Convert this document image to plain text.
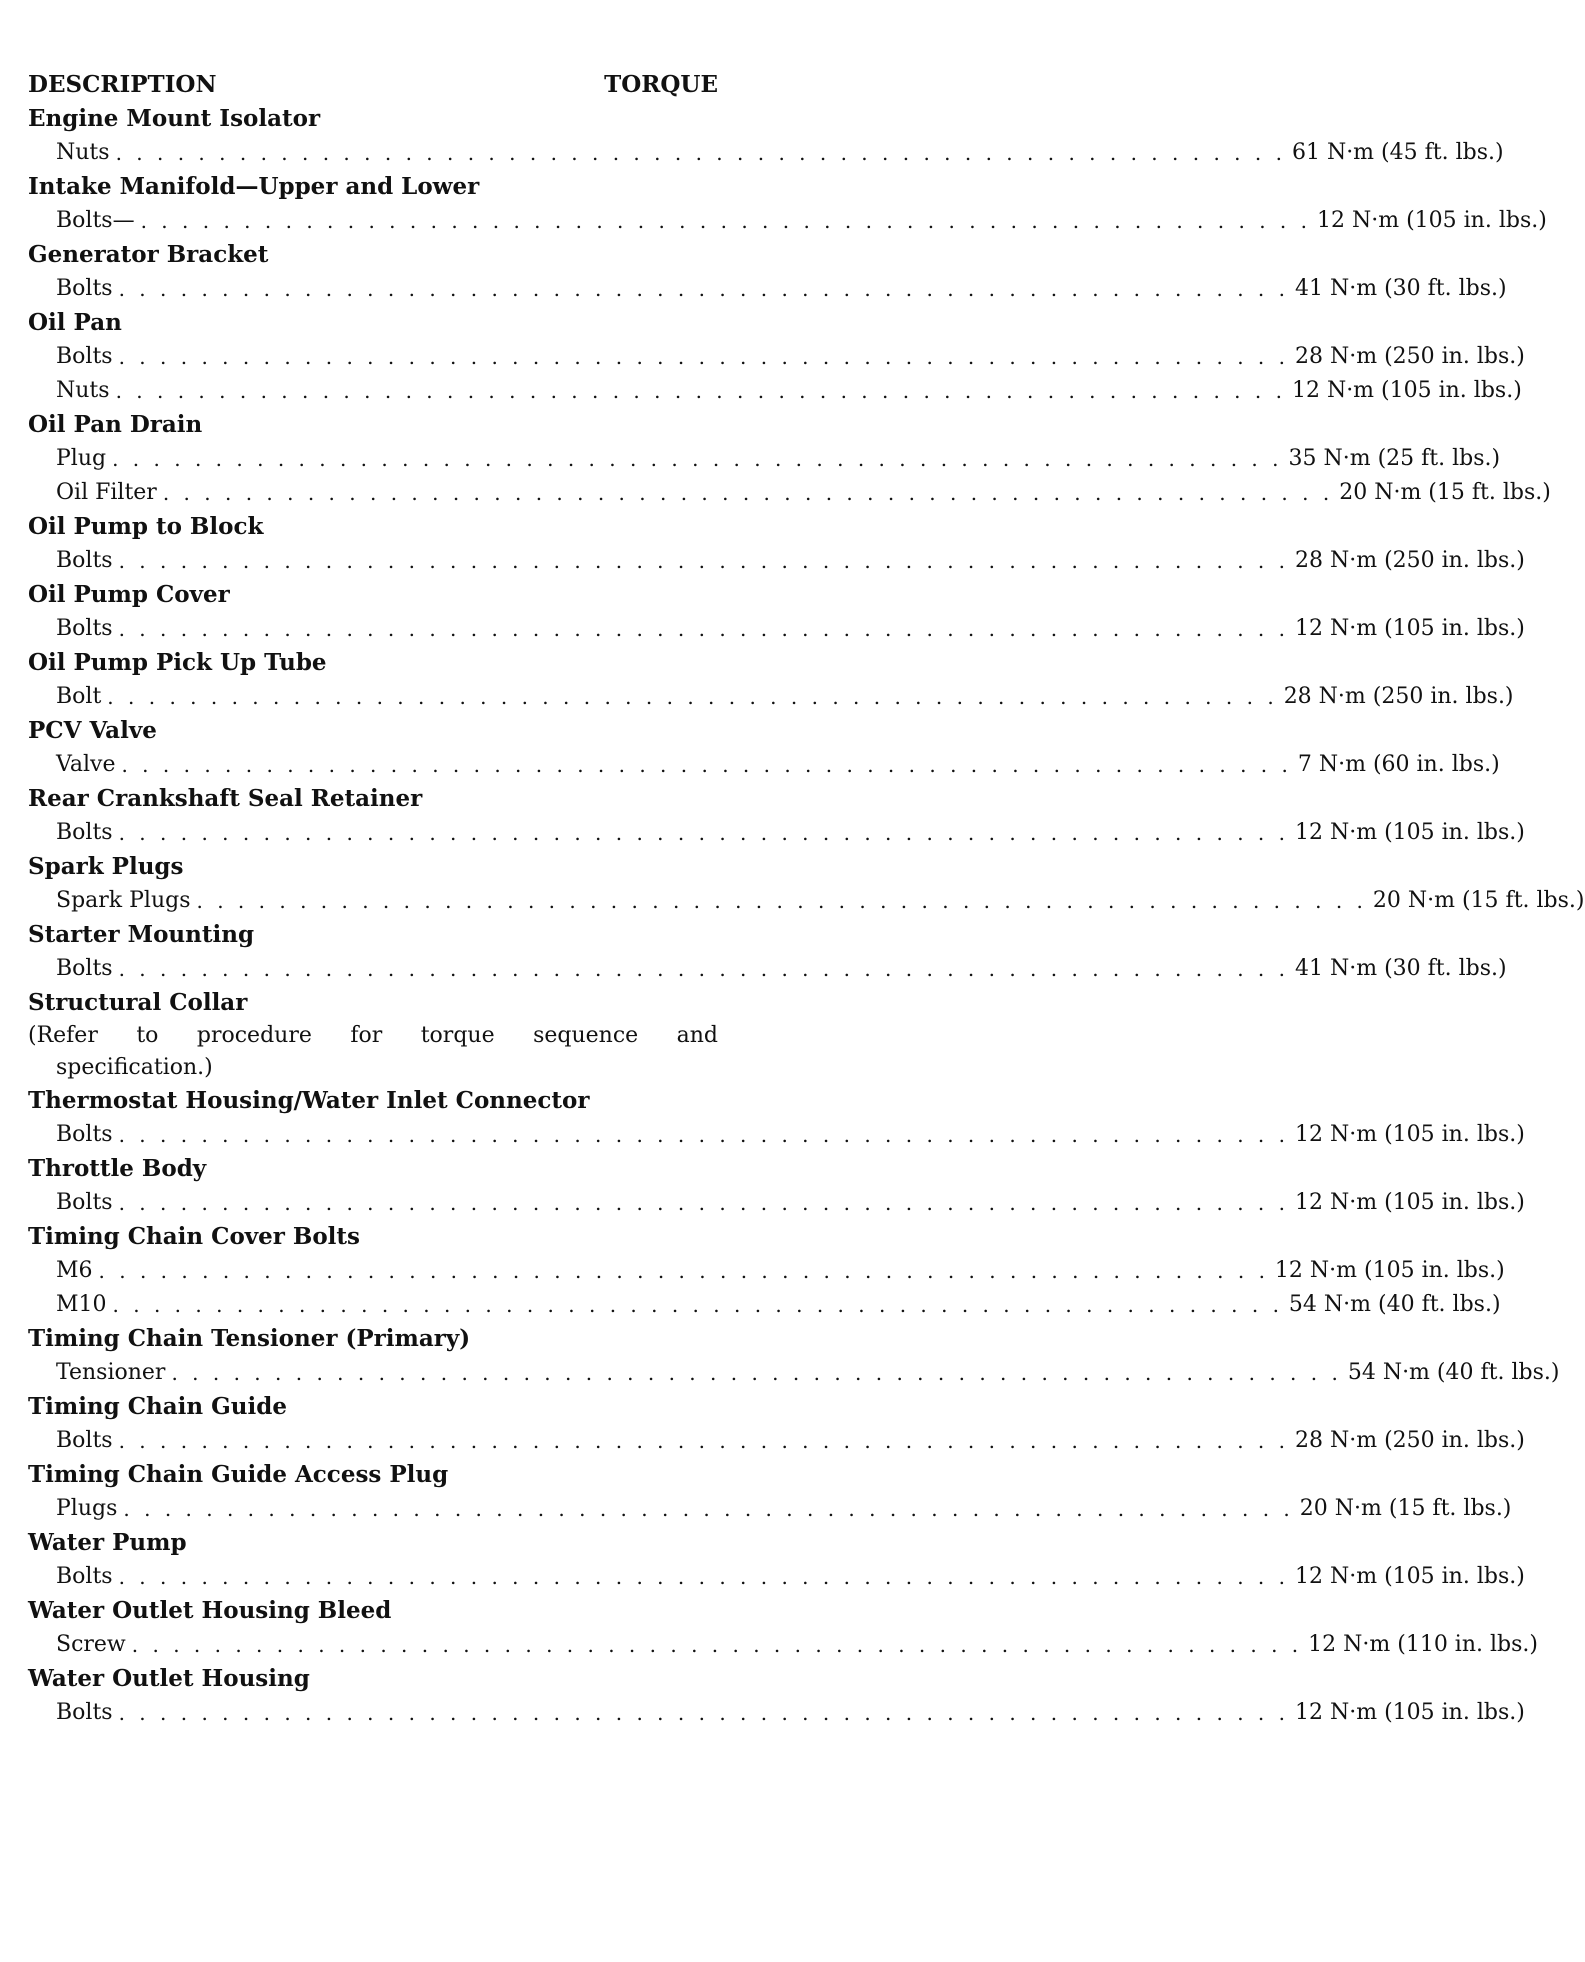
DESCRIPTION	TORQUE
Engine Mount Isolator
Nuts . . . . . . . . . . . . . . . . . . . . . . . . . . . . . . . . . . . . . . . . . . . . . . . . . . . . . . . . . 61 N·m (45 ft. lbs.)
Intake Manifold—Upper and Lower
Bolts— . . . . . . . . . . . . . . . . . . . . . . . . . . . . . . . . . . . . . . . . . . . . . . . . . . . . . . . . . 12 N·m (105 in. lbs.)
Generator Bracket
Bolts . . . . . . . . . . . . . . . . . . . . . . . . . . . . . . . . . . . . . . . . . . . . . . . . . . . . . . . . . 41 N·m (30 ft. lbs.)
Oil Pan
Bolts . . . . . . . . . . . . . . . . . . . . . . . . . . . . . . . . . . . . . . . . . . . . . . . . . . . . . . . . . 28 N·m (250 in. lbs.)
Nuts . . . . . . . . . . . . . . . . . . . . . . . . . . . . . . . . . . . . . . . . . . . . . . . . . . . . . . . . . 12 N·m (105 in. lbs.)
Oil Pan Drain
Plug . . . . . . . . . . . . . . . . . . . . . . . . . . . . . . . . . . . . . . . . . . . . . . . . . . . . . . . . . 35 N·m (25 ft. lbs.)
Oil Filter . . . . . . . . . . . . . . . . . . . . . . . . . . . . . . . . . . . . . . . . . . . . . . . . . . . . . . . . . 20 N·m (15 ft. lbs.)
Oil Pump to Block
Bolts . . . . . . . . . . . . . . . . . . . . . . . . . . . . . . . . . . . . . . . . . . . . . . . . . . . . . . . . . 28 N·m (250 in. lbs.)
Oil Pump Cover
Bolts . . . . . . . . . . . . . . . . . . . . . . . . . . . . . . . . . . . . . . . . . . . . . . . . . . . . . . . . . 12 N·m (105 in. lbs.)
Oil Pump Pick Up Tube
Bolt . . . . . . . . . . . . . . . . . . . . . . . . . . . . . . . . . . . . . . . . . . . . . . . . . . . . . . . . . 28 N·m (250 in. lbs.)
PCV Valve
Valve . . . . . . . . . . . . . . . . . . . . . . . . . . . . . . . . . . . . . . . . . . . . . . . . . . . . . . . . . 7 N·m (60 in. lbs.)
Rear Crankshaft Seal Retainer
Bolts . . . . . . . . . . . . . . . . . . . . . . . . . . . . . . . . . . . . . . . . . . . . . . . . . . . . . . . . . 12 N·m (105 in. lbs.)
Spark Plugs
Spark Plugs . . . . . . . . . . . . . . . . . . . . . . . . . . . . . . . . . . . . . . . . . . . . . . . . . . . . . . . . . 20 N·m (15 ft. lbs.)
Starter Mounting
Bolts . . . . . . . . . . . . . . . . . . . . . . . . . . . . . . . . . . . . . . . . . . . . . . . . . . . . . . . . . 41 N·m (30 ft. lbs.)
Structural Collar
(Refer to procedure for torque sequence and
specification.)
Thermostat Housing/Water Inlet Connector
Bolts . . . . . . . . . . . . . . . . . . . . . . . . . . . . . . . . . . . . . . . . . . . . . . . . . . . . . . . . . 12 N·m (105 in. lbs.)
Throttle Body
Bolts . . . . . . . . . . . . . . . . . . . . . . . . . . . . . . . . . . . . . . . . . . . . . . . . . . . . . . . . . 12 N·m (105 in. lbs.)
Timing Chain Cover Bolts
M6 . . . . . . . . . . . . . . . . . . . . . . . . . . . . . . . . . . . . . . . . . . . . . . . . . . . . . . . . . 12 N·m (105 in. lbs.)
M10 . . . . . . . . . . . . . . . . . . . . . . . . . . . . . . . . . . . . . . . . . . . . . . . . . . . . . . . . . 54 N·m (40 ft. lbs.)
Timing Chain Tensioner (Primary)
Tensioner . . . . . . . . . . . . . . . . . . . . . . . . . . . . . . . . . . . . . . . . . . . . . . . . . . . . . . . . . 54 N·m (40 ft. lbs.)
Timing Chain Guide
Bolts . . . . . . . . . . . . . . . . . . . . . . . . . . . . . . . . . . . . . . . . . . . . . . . . . . . . . . . . . 28 N·m (250 in. lbs.)
Timing Chain Guide Access Plug
Plugs . . . . . . . . . . . . . . . . . . . . . . . . . . . . . . . . . . . . . . . . . . . . . . . . . . . . . . . . . 20 N·m (15 ft. lbs.)
Water Pump
Bolts . . . . . . . . . . . . . . . . . . . . . . . . . . . . . . . . . . . . . . . . . . . . . . . . . . . . . . . . . 12 N·m (105 in. lbs.)
Water Outlet Housing Bleed
Screw . . . . . . . . . . . . . . . . . . . . . . . . . . . . . . . . . . . . . . . . . . . . . . . . . . . . . . . . . 12 N·m (110 in. lbs.)
Water Outlet Housing
Bolts . . . . . . . . . . . . . . . . . . . . . . . . . . . . . . . . . . . . . . . . . . . . . . . . . . . . . . . . . 12 N·m (105 in. lbs.)
